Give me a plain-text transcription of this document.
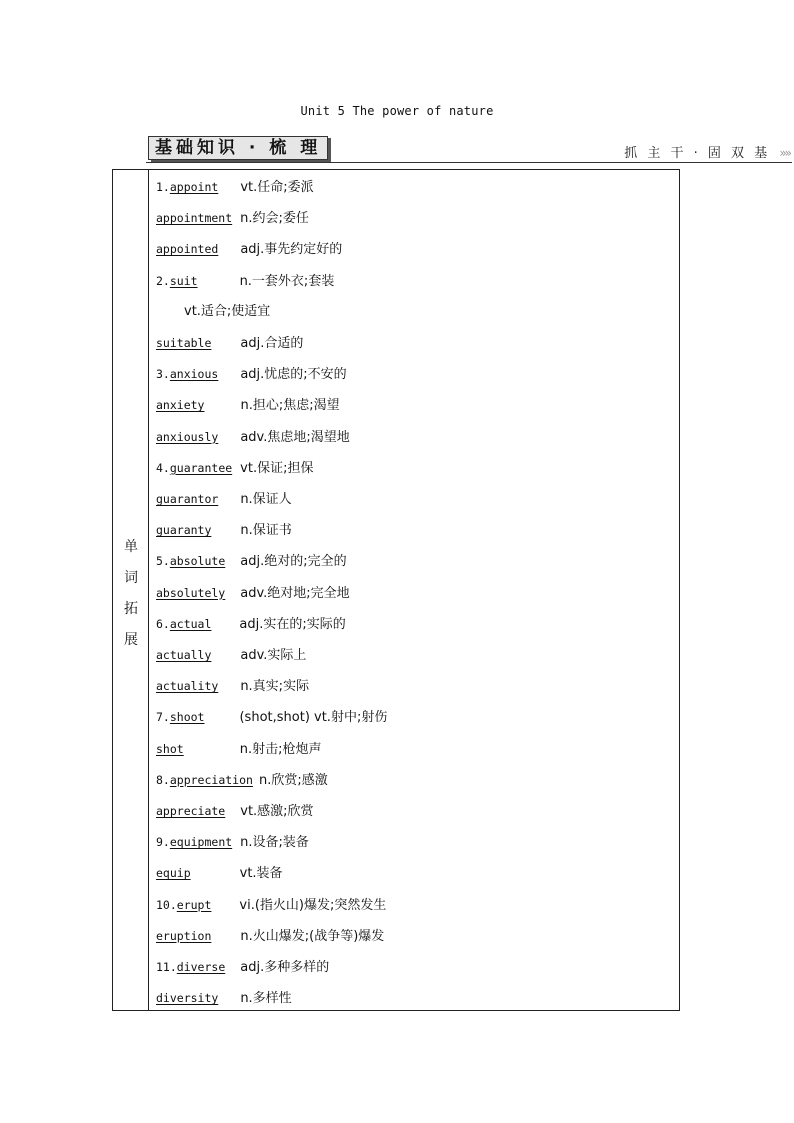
Unit 5 The power of nature
基础知识 · 梳 理	抓 主 干 · 固 双 基 »»
单
词
拓
展
1.appoint vt.任命;委派
appointment n.约会;委任
appointed adj.事先约定好的
2.suit	n.一套外衣;套装
vt.适合;使适宜
suitable adj.合适的
3.anxious adj.忧虑的;不安的
anxiety	n.担心;焦虑;渴望
anxiously adv.焦虑地;渴望地
4.guarantee vt.保证;担保
guarantor n.保证人
guaranty n.保证书
5.absolute adj.绝对的;完全的
absolutely adv.绝对地;完全地
6.actual adj.实在的;实际的
actually adv.实际上
actuality n.真实;实际
7.shoot	(shot,shot) vt.射中;射伤
shot	n.射击;枪炮声
8.appreciation n.欣赏;感激
appreciate vt.感激;欣赏
9.equipment n.设备;装备
equip	vt.装备
10.erupt vi.(指火山)爆发;突然发生
eruption n.火山爆发;(战争等)爆发
11.diverse adj.多种多样的
diversity n.多样性
